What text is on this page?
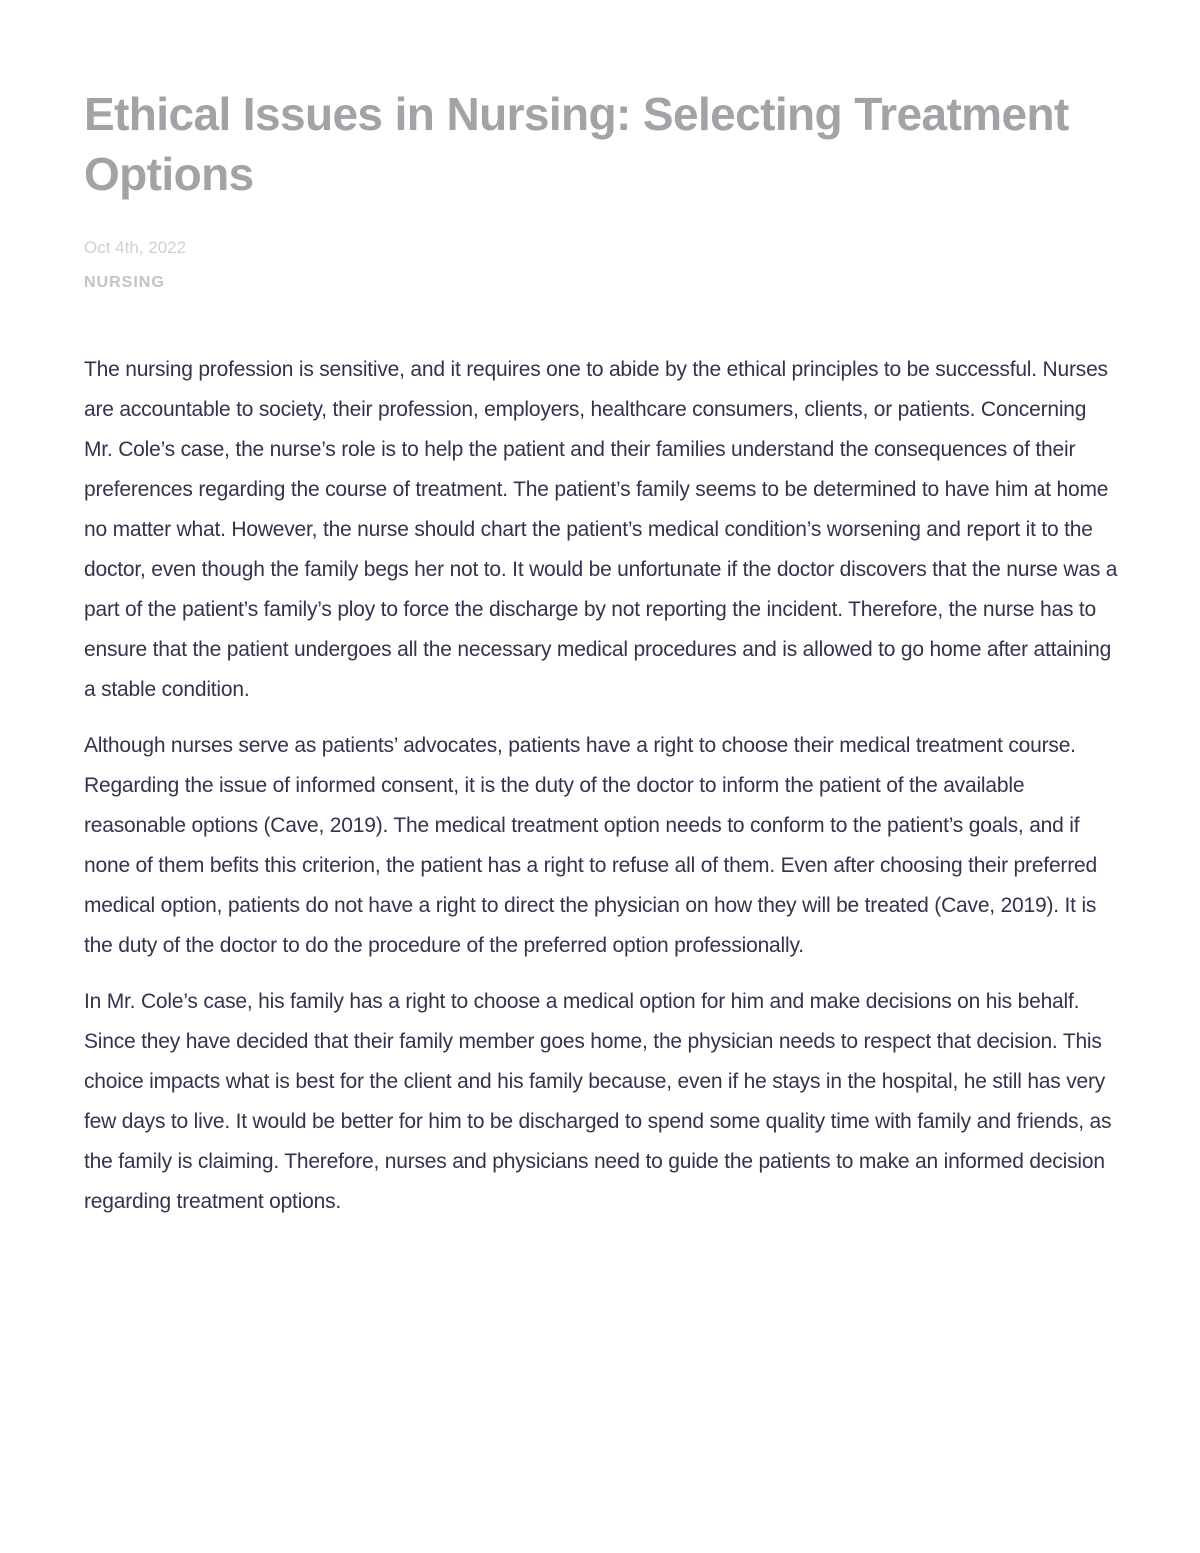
Ethical Issues in Nursing: Selecting Treatment Options
Oct 4th, 2022
NURSING

The nursing profession is sensitive, and it requires one to abide by the ethical principles to be successful. Nurses are accountable to society, their profession, employers, healthcare consumers, clients, or patients. Concerning Mr. Cole’s case, the nurse’s role is to help the patient and their families understand the consequences of their preferences regarding the course of treatment. The patient’s family seems to be determined to have him at home no matter what. However, the nurse should chart the patient’s medical condition’s worsening and report it to the doctor, even though the family begs her not to. It would be unfortunate if the doctor discovers that the nurse was a part of the patient’s family’s ploy to force the discharge by not reporting the incident. Therefore, the nurse has to ensure that the patient undergoes all the necessary medical procedures and is allowed to go home after attaining a stable condition.

Although nurses serve as patients’ advocates, patients have a right to choose their medical treatment course. Regarding the issue of informed consent, it is the duty of the doctor to inform the patient of the available reasonable options (Cave, 2019). The medical treatment option needs to conform to the patient’s goals, and if none of them befits this criterion, the patient has a right to refuse all of them. Even after choosing their preferred medical option, patients do not have a right to direct the physician on how they will be treated (Cave, 2019). It is the duty of the doctor to do the procedure of the preferred option professionally.

In Mr. Cole’s case, his family has a right to choose a medical option for him and make decisions on his behalf. Since they have decided that their family member goes home, the physician needs to respect that decision. This choice impacts what is best for the client and his family because, even if he stays in the hospital, he still has very few days to live. It would be better for him to be discharged to spend some quality time with family and friends, as the family is claiming. Therefore, nurses and physicians need to guide the patients to make an informed decision regarding treatment options.
